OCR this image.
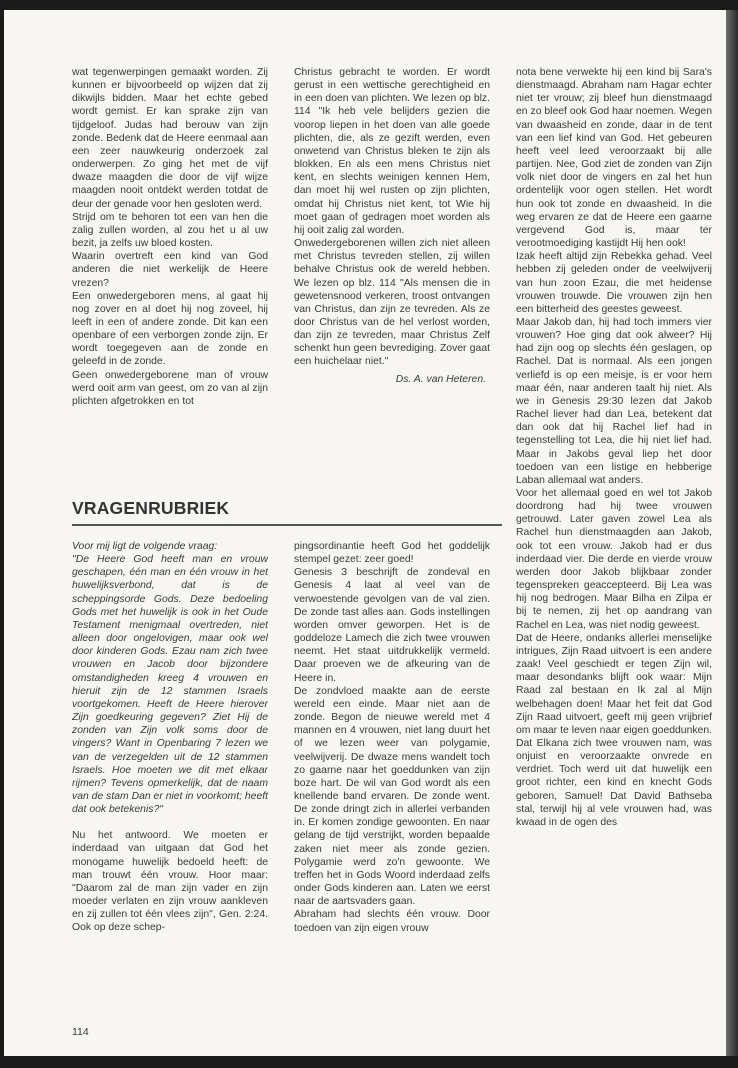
wat tegenwerpingen gemaakt worden. Zij kunnen er bijvoorbeeld op wijzen dat zij dikwijls bidden. Maar het echte gebed wordt gemist. Er kan sprake zijn van tijdgeloof. Judas had berouw van zijn zonde. Bedenk dat de Heere eenmaal aan een zeer nauwkeurig onderzoek zal onderwerpen. Zo ging het met de vijf dwaze maagden die door de vijf wijze maagden nooit ontdekt werden totdat de deur der genade voor hen gesloten werd.

Strijd om te behoren tot een van hen die zalig zullen worden, al zou het u al uw bezit, ja zelfs uw bloed kosten.

Waarin overtreft een kind van God anderen die niet werkelijk de Heere vrezen?

Een onwedergeboren mens, al gaat hij nog zover en al doet hij nog zoveel, hij leeft in een of andere zonde. Dit kan een openbare of een verborgen zonde zijn. Er wordt toegegeven aan de zonde en geleefd in de zonde.

Geen onwedergeborene man of vrouw werd ooit arm van geest, om zo van al zijn plichten afgetrokken en tot

Christus gebracht te worden. Er wordt gerust in een wettische gerechtigheid en in een doen van plichten. We lezen op blz. 114 "Ik heb vele belijders gezien die voorop liepen in het doen van alle goede plichten, die, als ze gezift werden, even onwetend van Christus bleken te zijn als blokken. En als een mens Christus niet kent, en slechts weinigen kennen Hem, dan moet hij wel rusten op zijn plichten, omdat hij Christus niet kent, tot Wie hij moet gaan of gedragen moet worden als hij ooit zalig zal worden.

Onwedergeborenen willen zich niet alleen met Christus tevreden stellen, zij willen behalve Christus ook de wereld hebben. We lezen op blz. 114 "Als mensen die in gewetensnood verkeren, troost ontvangen van Christus, dan zijn ze tevreden. Als ze door Christus van de hel verlost worden, dan zijn ze tevreden, maar Christus Zelf schenkt hun geen bevrediging. Zover gaat een huichelaar niet."

Ds. A. van Heteren.

nota bene verwekte hij een kind bij Sara's dienstmaagd. Abraham nam Hagar echter niet ter vrouw; zij bleef hun dienstmaagd en zo bleef ook God haar noemen. Wegen van dwaasheid en zonde, daar in de tent van een lief kind van God. Het gebeuren heeft veel leed veroorzaakt bij alle partijen. Nee, God ziet de zonden van Zijn volk niet door de vingers en zal het hun ordentelijk voor ogen stellen. Het wordt hun ook tot zonde en dwaasheid. In die weg ervaren ze dat de Heere een gaarne vergevend God is, maar ter verootmoediging kastijdt Hij hen ook!

Izak heeft altijd zijn Rebekka gehad. Veel hebben zij geleden onder de veelwijverij van hun zoon Ezau, die met heidense vrouwen trouwde. Die vrouwen zijn hen een bitterheid des geestes geweest.

Maar Jakob dan, hij had toch immers vier vrouwen? Hoe ging dat ook alweer? Hij had zijn oog op slechts één geslagen, op Rachel. Dat is normaal. Als een jongen verliefd is op een meisje, is er voor hem maar één, naar anderen taalt hij niet. Als we in Genesis 29:30 lezen dat Jakob Rachel liever had dan Lea, betekent dat dan ook dat hij Rachel lief had in tegenstelling tot Lea, die hij niet lief had. Maar in Jakobs geval liep het door toedoen van een listige en hebberige Laban allemaal wat anders.

Voor het allemaal goed en wel tot Jakob doordrong had hij twee vrouwen getrouwd. Later gaven zowel Lea als Rachel hun dienstmaagden aan Jakob, ook tot een vrouw. Jakob had er dus inderdaad vier. Die derde en vierde vrouw werden door Jakob blijkbaar zonder tegenspreken geaccepteerd. Bij Lea was hij nog bedrogen. Maar Bilha en Zilpa er bij te nemen, zij het op aandrang van Rachel en Lea, was niet nodig geweest.

Dat de Heere, ondanks allerlei menselijke intrigues, Zijn Raad uitvoert is een andere zaak! Veel geschiedt er tegen Zijn wil, maar desondanks blijft ook waar: Mijn Raad zal bestaan en Ik zal al Mijn welbehagen doen! Maar het feit dat God Zijn Raad uitvoert, geeft mij geen vrijbrief om maar te leven naar eigen goeddunken. Dat Elkana zich twee vrouwen nam, was onjuist en veroorzaakte onvrede en verdriet. Toch werd uit dat huwelijk een groot richter, een kind en knecht Gods geboren, Samuel! Dat David Bathseba stal, terwijl hij al vele vrouwen had, was kwaad in de ogen des

VRAGENRUBRIEK

Voor mij ligt de volgende vraag:

"De Heere God heeft man en vrouw geschapen, één man en één vrouw in het huwelijksverbond, dat is de scheppingsorde Gods. Deze bedoeling Gods met het huwelijk is ook in het Oude Testament menigmaal overtreden, niet alleen door ongelovigen, maar ook wel door kinderen Gods. Ezau nam zich twee vrouwen en Jacob door bijzondere omstandigheden kreeg 4 vrouwen en hieruit zijn de 12 stammen Israels voortgekomen. Heeft de Heere hierover Zijn goedkeuring gegeven? Ziet Hij de zonden van Zijn volk soms door de vingers? Want in Openbaring 7 lezen we van de verzegelden uit de 12 stammen Israels. Hoe moeten we dit met elkaar rijmen? Tevens opmerkelijk, dat de naam van de stam Dan er niet in voorkomt; heeft dat ook betekenis?"

Nu het antwoord. We moeten er inderdaad van uitgaan dat God het monogame huwelijk bedoeld heeft: de man trouwt één vrouw. Hoor maar: "Daarom zal de man zijn vader en zijn moeder verlaten en zijn vrouw aankleven en zij zullen tot één vlees zijn", Gen. 2:24. Ook op deze schep-

pingsordinantie heeft God het goddelijk stempel gezet: zeer goed!

Genesis 3 beschrijft de zondeval en Genesis 4 laat al veel van de verwoestende gevolgen van de val zien. De zonde tast alles aan. Gods instellingen worden omver geworpen. Het is de goddeloze Lamech die zich twee vrouwen neemt. Het staat uitdrukkelijk vermeld. Daar proeven we de afkeuring van de Heere in.

De zondvloed maakte aan de eerste wereld een einde. Maar niet aan de zonde. Begon de nieuwe wereld met 4 mannen en 4 vrouwen, niet lang duurt het of we lezen weer van polygamie, veelwijverij. De dwaze mens wandelt toch zo gaarne naar het goeddunken van zijn boze hart. De wil van God wordt als een knellende band ervaren. De zonde went. De zonde dringt zich in allerlei verbanden in. Er komen zondige gewoonten. En naar gelang de tijd verstrijkt, worden bepaalde zaken niet meer als zonde gezien. Polygamie werd zo'n gewoonte. We treffen het in Gods Woord inderdaad zelfs onder Gods kinderen aan. Laten we eerst naar de aartsvaders gaan.

Abraham had slechts één vrouw. Door toedoen van zijn eigen vrouw

114
